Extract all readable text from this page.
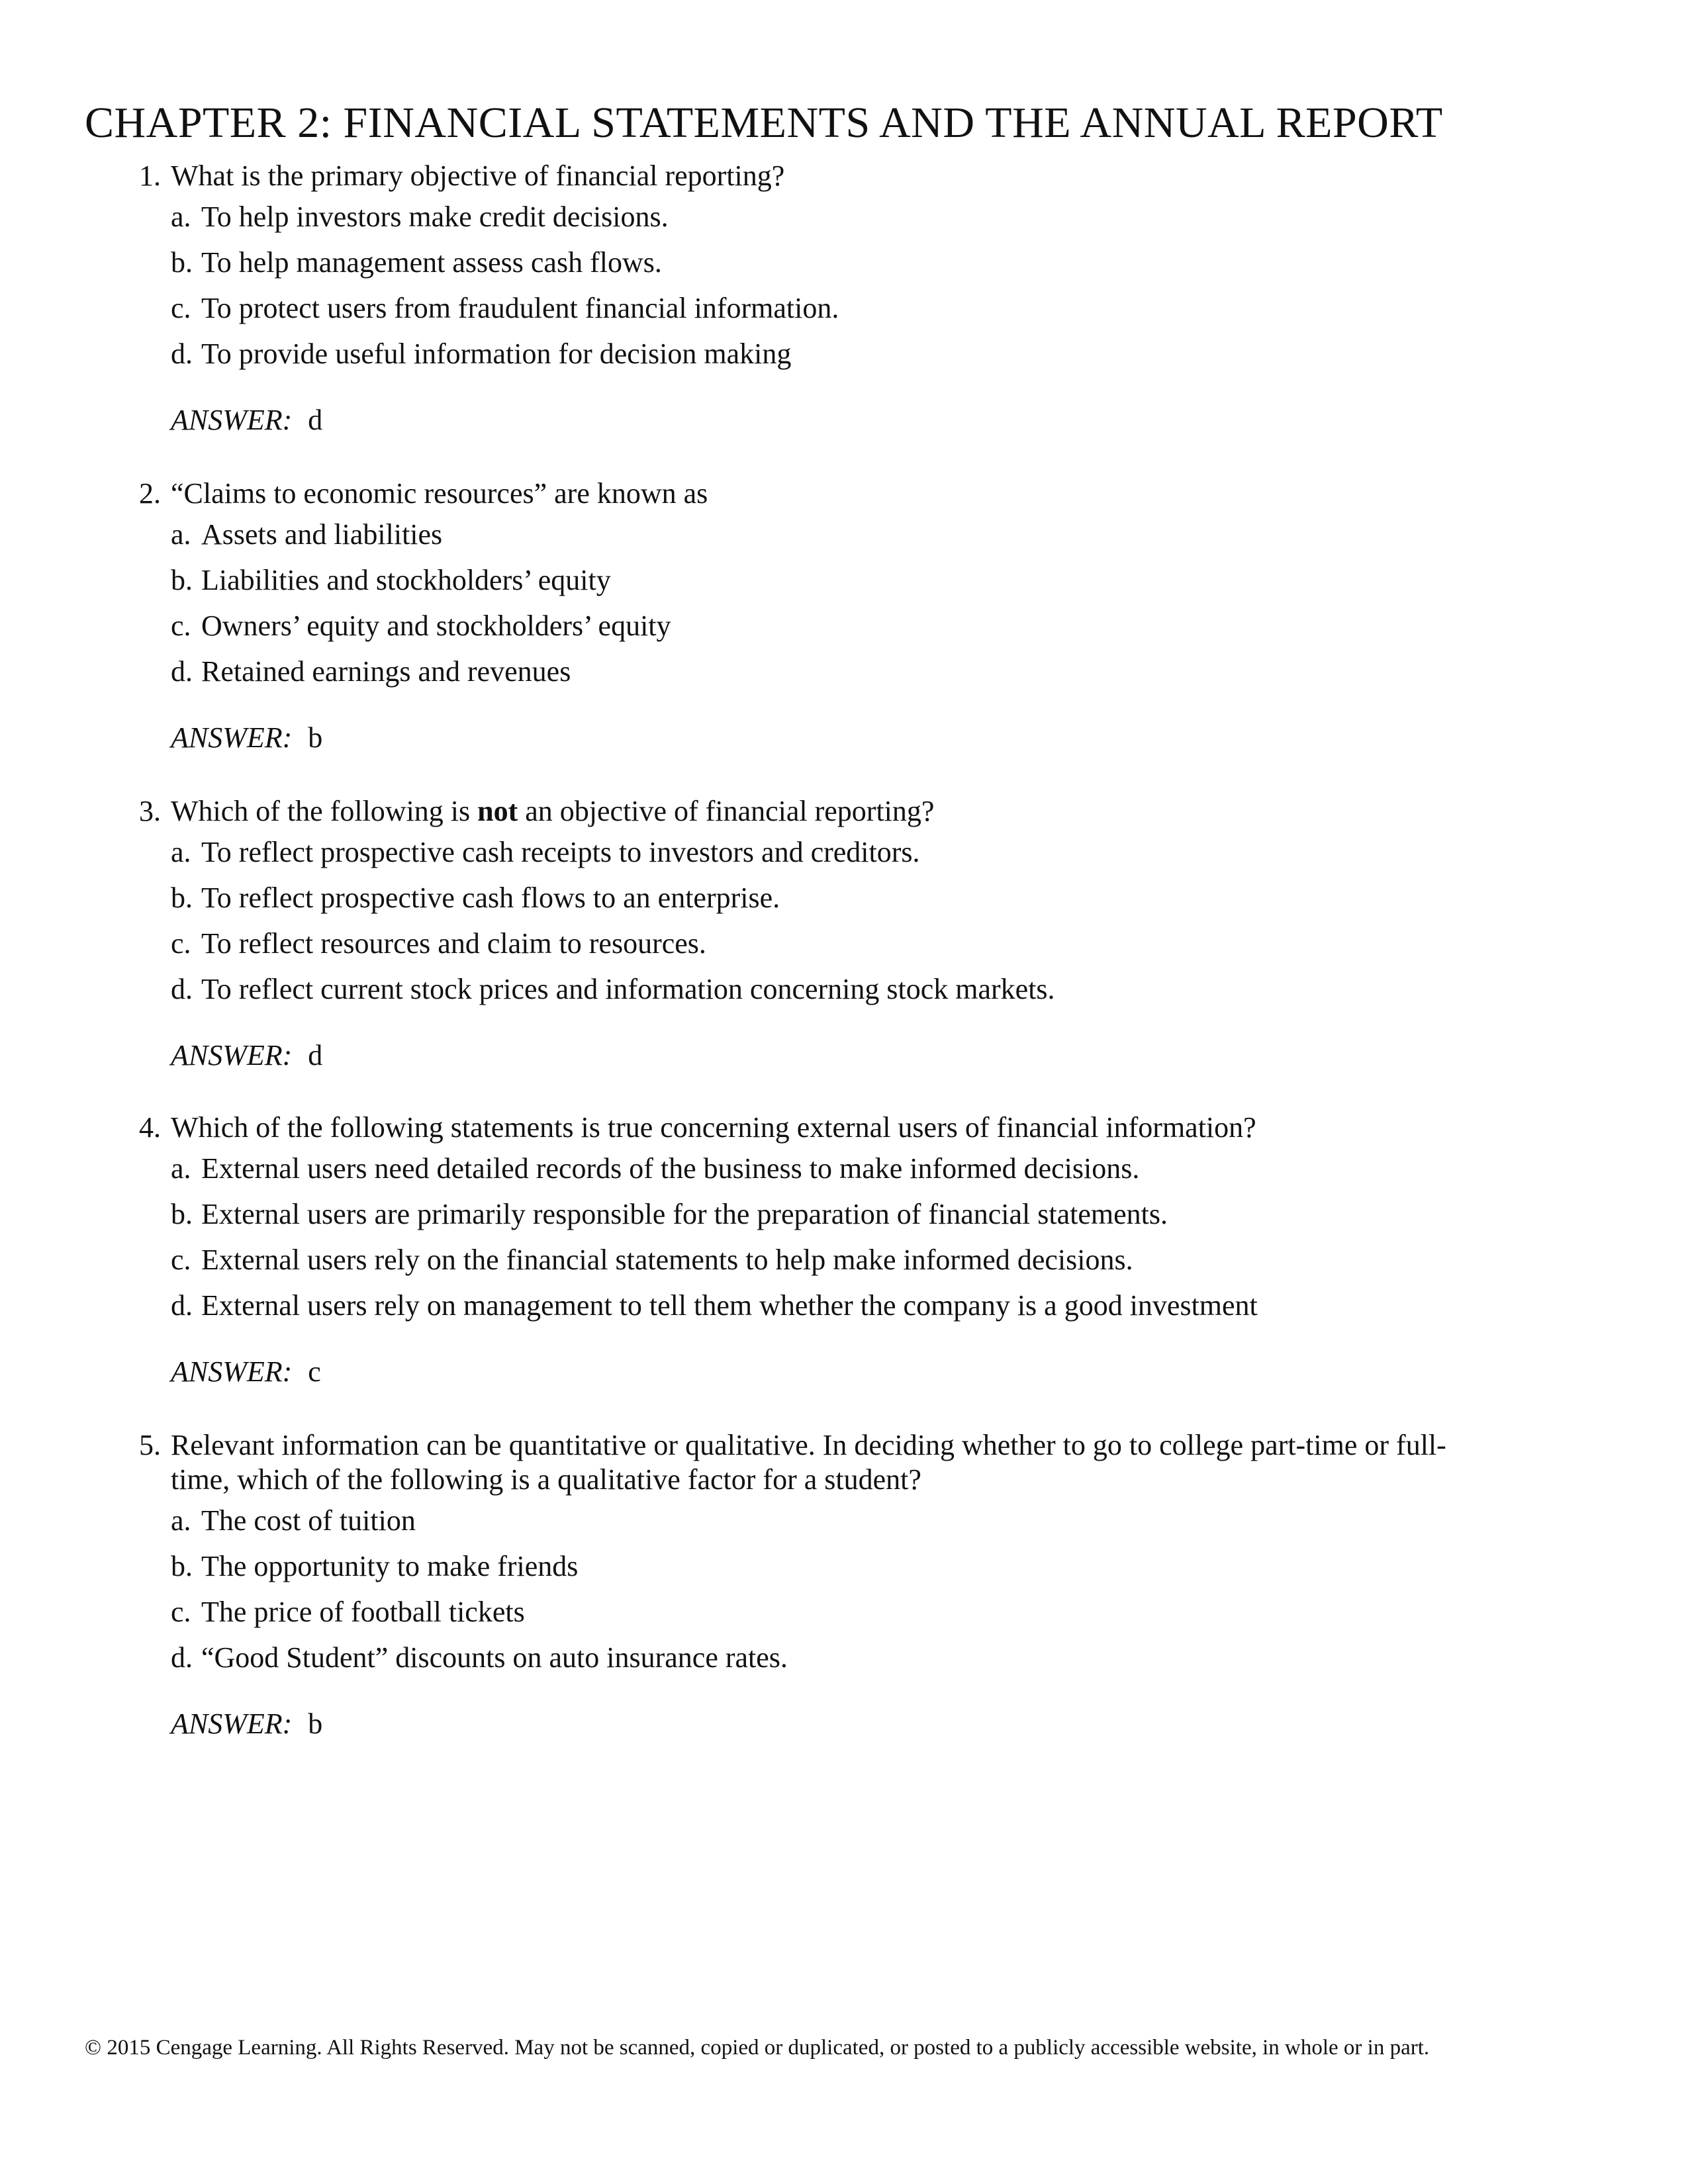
CHAPTER 2: FINANCIAL STATEMENTS AND THE ANNUAL REPORT

1. What is the primary objective of financial reporting?

a. To help investors make credit decisions.
b. To help management assess cash flows.
c. To protect users from fraudulent financial information.
d. To provide useful information for decision making
ANSWER: d

2. “Claims to economic resources” are known as

a. Assets and liabilities
b. Liabilities and stockholders’ equity
c. Owners’ equity and stockholders’ equity
d. Retained earnings and revenues
ANSWER: b

3. Which of the following is not an objective of financial reporting?

a. To reflect prospective cash receipts to investors and creditors.
b. To reflect prospective cash flows to an enterprise.
c. To reflect resources and claim to resources.
d. To reflect current stock prices and information concerning stock markets.
ANSWER: d

4. Which of the following statements is true concerning external users of financial information?

a. External users need detailed records of the business to make informed decisions.
b. External users are primarily responsible for the preparation of financial statements.
c. External users rely on the financial statements to help make informed decisions.
d. External users rely on management to tell them whether the company is a good investment
ANSWER: c

5. Relevant information can be quantitative or qualitative. In deciding whether to go to college part-time or full-
time, which of the following is a qualitative factor for a student?

a. The cost of tuition
b. The opportunity to make friends
c. The price of football tickets
d. “Good Student” discounts on auto insurance rates.
ANSWER: b
© 2015 Cengage Learning. All Rights Reserved. May not be scanned, copied or duplicated, or posted to a publicly accessible website, in whole or in part.
